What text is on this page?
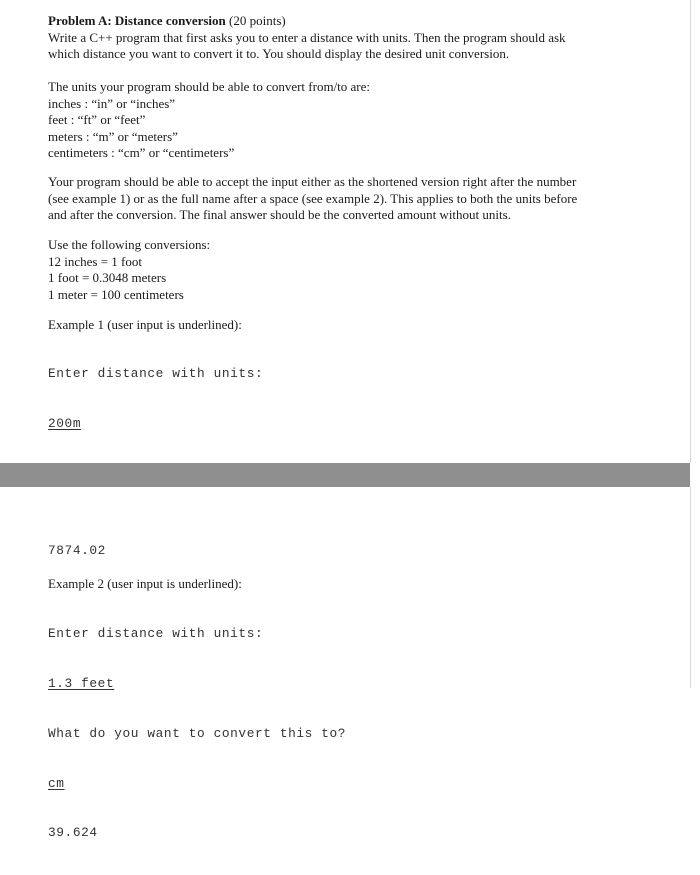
Problem A: Distance conversion (20 points)

Write a C++ program that first asks you to enter a distance with units. Then the program should ask
which distance you want to convert it to. You should display the desired unit conversion.
The units your program should be able to convert from/to are:
inches : “in” or “inches”
feet : “ft” or “feet”
meters : “m” or “meters”
centimeters : “cm” or “centimeters”
Your program should be able to accept the input either as the shortened version right after the number
(see example 1) or as the full name after a space (see example 2). This applies to both the units before
and after the conversion. The final answer should be the converted amount without units.
Use the following conversions:
12 inches = 1 foot
1 foot = 0.3048 meters
1 meter = 100 centimeters
Example 1 (user input is underlined):

Enter distance with units:

200m

7874.02
Example 2 (user input is underlined):

Enter distance with units:

1.3 feet

What do you want to convert this to?

cm

39.624
